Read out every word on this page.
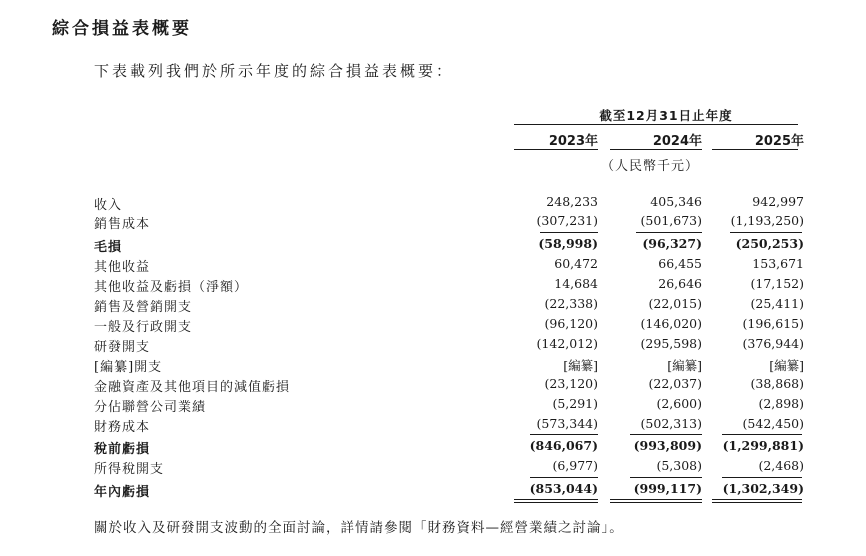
綜合損益表概要
下表載列我們於所示年度的綜合損益表概要：
截至12月31日止年度
2023年	2024年	2025年
（人民幣千元）
收入	248,233	405,346	942,997
銷售成本	(307,231)	(501,673)	(1,193,250)
毛損	(58,998)	(96,327)	(250,253)
其他收益	60,472	66,455	153,671
其他收益及虧損（淨額）	14,684	26,646	(17,152)
銷售及營銷開支	(22,338)	(22,015)	(25,411)
一般及行政開支	(96,120)	(146,020)	(196,615)
研發開支	(142,012)	(295,598)	(376,944)
[編纂]開支	[編纂]	[編纂]	[編纂]
金融資產及其他項目的減值虧損	(23,120)	(22,037)	(38,868)
分佔聯營公司業績	(5,291)	(2,600)	(2,898)
財務成本	(573,344)	(502,313)	(542,450)
稅前虧損	(846,067)	(993,809)	(1,299,881)
所得稅開支	(6,977)	(5,308)	(2,468)
年內虧損	(853,044)	(999,117)	(1,302,349)
關於收入及研發開支波動的全面討論，詳情請參閱「財務資料—經營業績之討論」。
